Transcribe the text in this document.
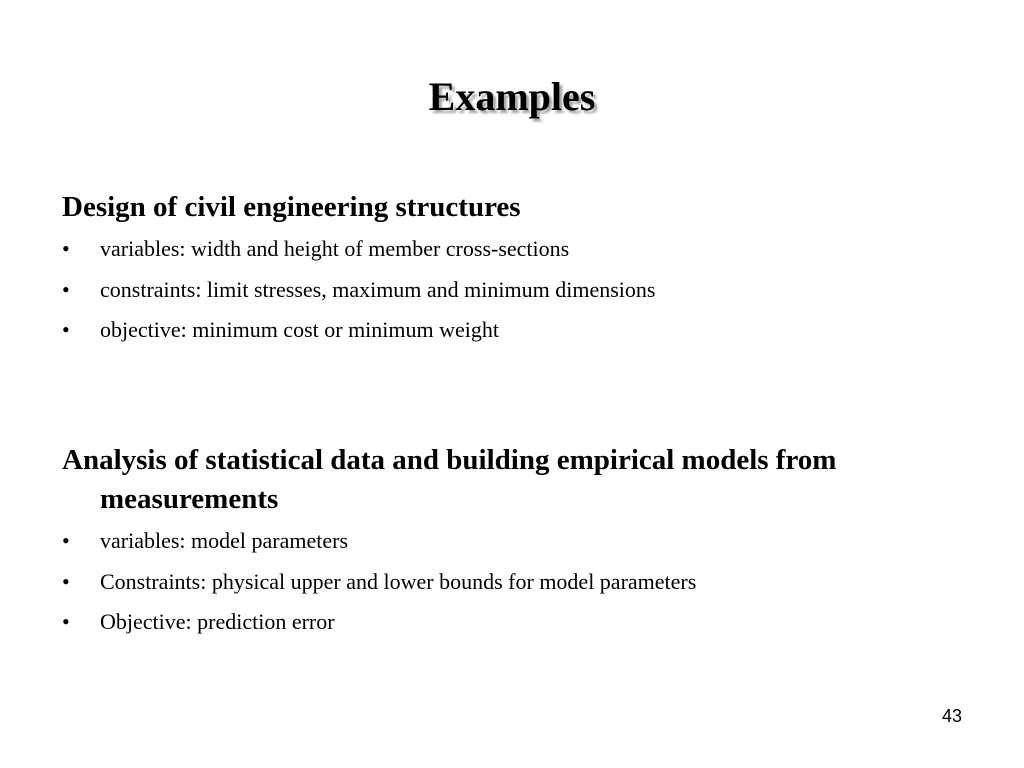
Examples
Design of civil engineering structures
• variables: width and height of member cross-sections
• constraints: limit stresses, maximum and minimum dimensions
• objective: minimum cost or minimum weight
Analysis of statistical data and building empirical models from measurements
• variables: model parameters
• Constraints: physical upper and lower bounds for model parameters
• Objective: prediction error
43
